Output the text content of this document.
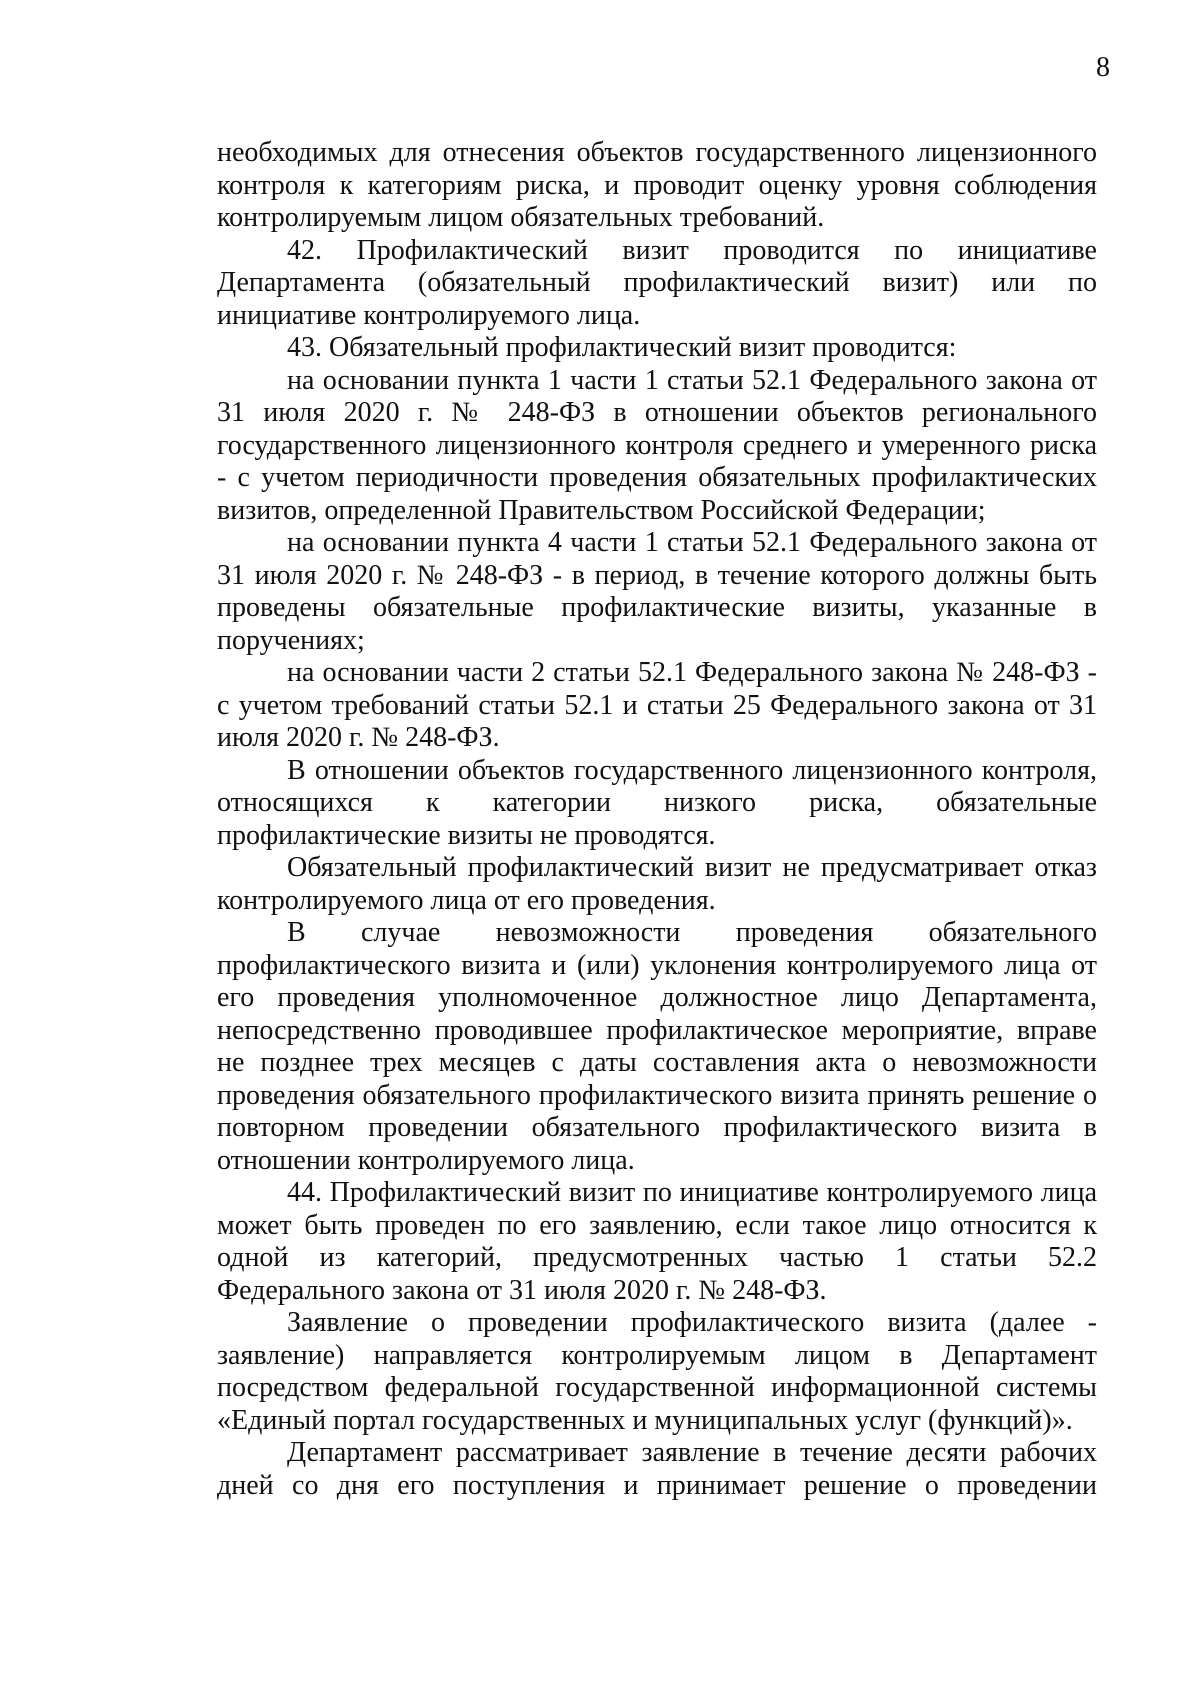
8

необходимых для отнесения объектов государственного лицензионного контроля к категориям риска, и проводит оценку уровня соблюдения контролируемым лицом обязательных требований.

42. Профилактический визит проводится по инициативе Департамента (обязательный профилактический визит) или по инициативе контролируемого лица.

43. Обязательный профилактический визит проводится:

на основании пункта 1 части 1 статьи 52.1 Федерального закона от 31 июля 2020 г. № 248-ФЗ в отношении объектов регионального государственного лицензионного контроля среднего и умеренного риска - с учетом периодичности проведения обязательных профилактических визитов, определенной Правительством Российской Федерации;

на основании пункта 4 части 1 статьи 52.1 Федерального закона от 31 июля 2020 г. № 248-ФЗ - в период, в течение которого должны быть проведены обязательные профилактические визиты, указанные в поручениях;

на основании части 2 статьи 52.1 Федерального закона № 248-ФЗ - с учетом требований статьи 52.1 и статьи 25 Федерального закона от 31 июля 2020 г. № 248-ФЗ.

В отношении объектов государственного лицензионного контроля, относящихся к категории низкого риска, обязательные профилактические визиты не проводятся.

Обязательный профилактический визит не предусматривает отказ контролируемого лица от его проведения.

В случае невозможности проведения обязательного профилактического визита и (или) уклонения контролируемого лица от его проведения уполномоченное должностное лицо Департамента, непосредственно проводившее профилактическое мероприятие, вправе не позднее трех месяцев с даты составления акта о невозможности проведения обязательного профилактического визита принять решение о повторном проведении обязательного профилактического визита в отношении контролируемого лица.

44. Профилактический визит по инициативе контролируемого лица может быть проведен по его заявлению, если такое лицо относится к одной из категорий, предусмотренных частью 1 статьи 52.2 Федерального закона от 31 июля 2020 г. № 248-ФЗ.

Заявление о проведении профилактического визита (далее - заявление) направляется контролируемым лицом в Департамент посредством федеральной государственной информационной системы «Единый портал государственных и муниципальных услуг (функций)».

Департамент рассматривает заявление в течение десяти рабочих дней со дня его поступления и принимает решение о проведении
